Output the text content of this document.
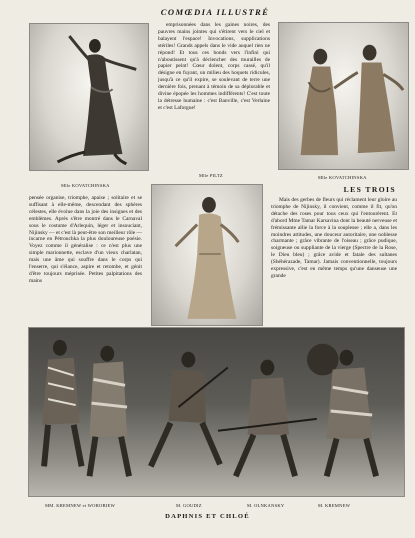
Mlle KOVATCHINSKA
COMŒDIA ILLUSTRÉ

emprisonnées dans les gaines noires, des pauvres mains jointes qui s'étirent vers le ciel et balayent l'espace! Invocations, supplications stériles! Grands appels dans le vide auquel rien ne répond! Et tous ces bonds vers l'infini qui n'aboutissent qu'à déclencher des murailles de papier peint! Cœur dolent, corps cassé, qu'il désigne en fuyant, un milieu des hoquets ridicules, jusqu'à ce qu'il expire, se soulevant de terre une dernière fois, prenant à témoin de sa déplorable et divine épopée les hommes indifférents! C'est toute la détresse humaine : c'est Banville, c'est Verlaine et c'est Laforgue!

Mlle KOVATCHINSKA

pensée organise, triomphe, apaise ; solitaire et se suffisant à elle-même, descendant des sphères célestes, elle évolue dans la joie des insignes et des emblèmes. Après s'être montré dans le Carnaval sous le costume d'Arlequin, léger et insouciant, Nijinsky — et c'est là peut-être son meilleur rôle — incarne en Pétrouchka la plus douloureuse poésie. Voyez comme il généralise : ce n'est plus une simple marionnette, esclave d'un vieux charlatan, mais une âme qui souffre dans le corps qui l'enserre, qui s'élance, aspire et retombe, et génit d'être toujours méprisée. Petites palpitations des mains

Mlle PILTZ
LES TROIS

Mais des gerbes de fleurs qui réclament leur gloire au triomphe de Nijinsky, il convient, comme il fit, qu'on détache des roses pour tous ceux qui l'entourèrent. Et d'abord Mme Tamar Karsavina dont la beauté nerveuse et frémissante allie la force à la souplesse ; elle a, dans les moindres attitudes, une douceur autoritaire, une noblesse charmante ; grâce vibrante de l'oiseau ; grâce pudique, soigneuse ou suppliante de la vierge (Spectre de la Rose, le Dieu bleu) ; grâce avide et fatale des sultanes (Shéhérazade, Tamar). Jamais conventionnelle, toujours expressive, c'est en même temps qu'une danseuse une grande

MM. KREMNEW et WOROBIEW	M. GOUDIZ	M. OLNKANSKY	M. KREMNEW
DAPHNIS ET CHLOÉ
